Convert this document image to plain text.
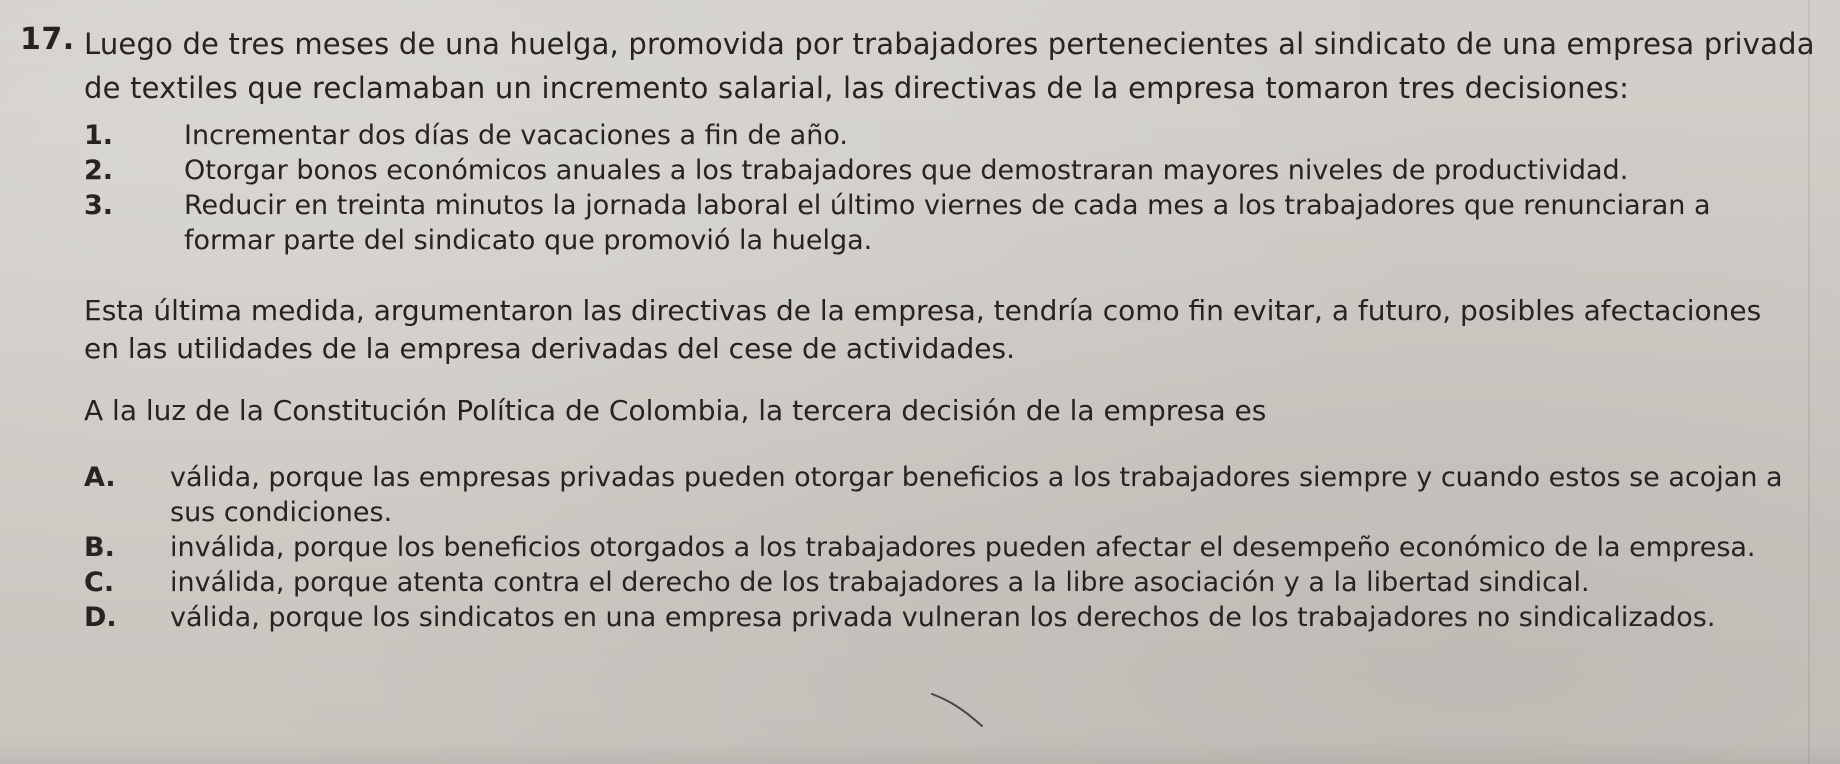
17. Luego de tres meses de una huelga, promovida por trabajadores pertenecientes al sindicato de una empresa privada de textiles que reclamaban un incremento salarial, las directivas de la empresa tomaron tres decisiones:
1.	Incrementar dos días de vacaciones a fin de año.
2.	Otorgar bonos económicos anuales a los trabajadores que demostraran mayores niveles de productividad.
3.	Reducir en treinta minutos la jornada laboral el último viernes de cada mes a los trabajadores que renunciaran a formar parte del sindicato que promovió la huelga.
Esta última medida, argumentaron las directivas de la empresa, tendría como fin evitar, a futuro, posibles afectaciones en las utilidades de la empresa derivadas del cese de actividades.
A la luz de la Constitución Política de Colombia, la tercera decisión de la empresa es
A. válida, porque las empresas privadas pueden otorgar beneficios a los trabajadores siempre y cuando estos se acojan a sus condiciones.
B. inválida, porque los beneficios otorgados a los trabajadores pueden afectar el desempeño económico de la empresa.
C. inválida, porque atenta contra el derecho de los trabajadores a la libre asociación y a la libertad sindical.
D. válida, porque los sindicatos en una empresa privada vulneran los derechos de los trabajadores no sindicalizados.
